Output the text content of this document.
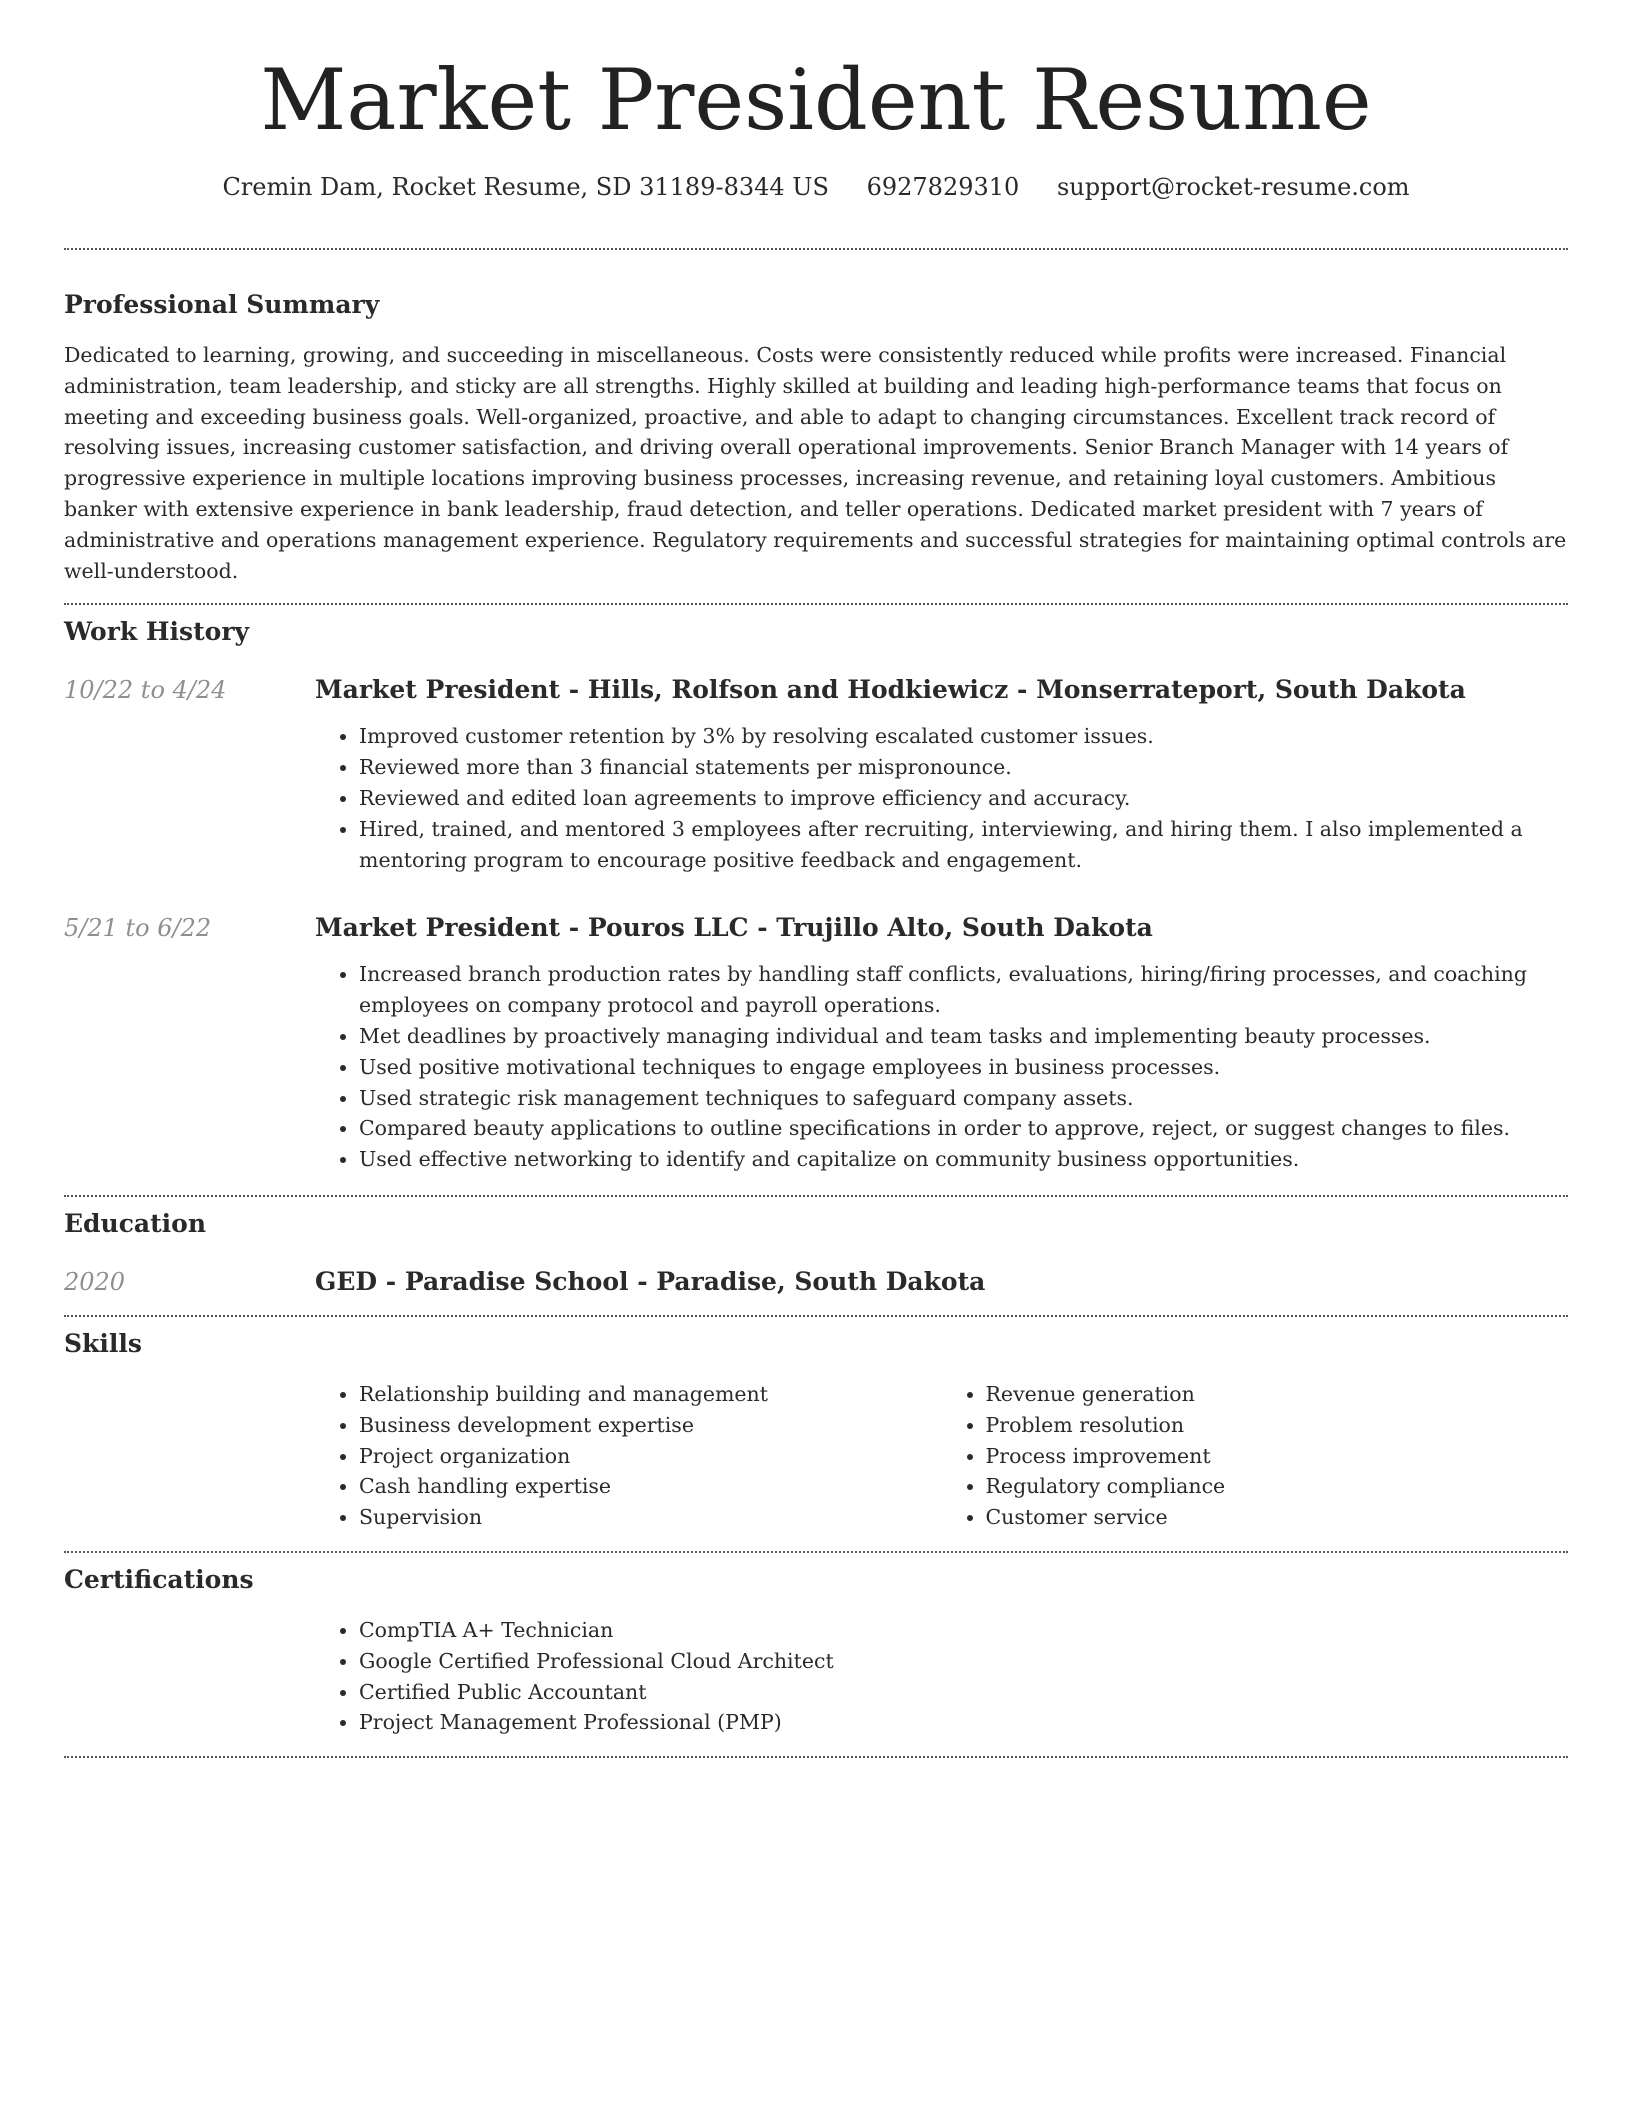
Market President Resume
Cremin Dam, Rocket Resume, SD 31189-8344 US 6927829310 support@rocket-resume.com
Professional Summary

Dedicated to learning, growing, and succeeding in miscellaneous. Costs were consistently reduced while profits were increased. Financial administration, team leadership, and sticky are all strengths. Highly skilled at building and leading high-performance teams that focus on meeting and exceeding business goals. Well-organized, proactive, and able to adapt to changing circumstances. Excellent track record of resolving issues, increasing customer satisfaction, and driving overall operational improvements. Senior Branch Manager with 14 years of progressive experience in multiple locations improving business processes, increasing revenue, and retaining loyal customers. Ambitious banker with extensive experience in bank leadership, fraud detection, and teller operations. Dedicated market president with 7 years of administrative and operations management experience. Regulatory requirements and successful strategies for maintaining optimal controls are well-understood.

Work History
10/22 to 4/24	Market President - Hills, Rolfson and Hodkiewicz - Monserrateport, South Dakota
• Improved customer retention by 3% by resolving escalated customer issues.
• Reviewed more than 3 financial statements per mispronounce.
• Reviewed and edited loan agreements to improve efficiency and accuracy.
• Hired, trained, and mentored 3 employees after recruiting, interviewing, and hiring them. I also implemented a mentoring program to encourage positive feedback and engagement.
5/21 to 6/22	Market President - Pouros LLC - Trujillo Alto, South Dakota
• Increased branch production rates by handling staff conflicts, evaluations, hiring/firing processes, and coaching employees on company protocol and payroll operations.
• Met deadlines by proactively managing individual and team tasks and implementing beauty processes.
• Used positive motivational techniques to engage employees in business processes.
• Used strategic risk management techniques to safeguard company assets.
• Compared beauty applications to outline specifications in order to approve, reject, or suggest changes to files.
• Used effective networking to identify and capitalize on community business opportunities.
Education
2020	GED - Paradise School - Paradise, South Dakota
Skills
• Relationship building and management
• Business development expertise
• Project organization
• Cash handling expertise
• Supervision
• Revenue generation
• Problem resolution
• Process improvement
• Regulatory compliance
• Customer service
Certifications
• CompTIA A+ Technician
• Google Certified Professional Cloud Architect
• Certified Public Accountant
• Project Management Professional (PMP)
